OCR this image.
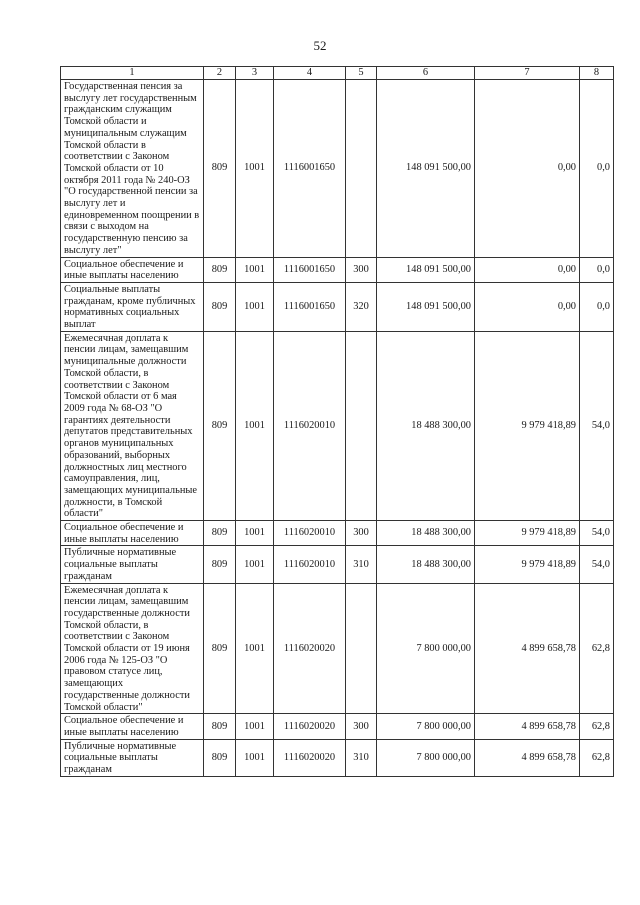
52
1	2	3	4	5	6	7	8
Государственная пенсия за выслугу лет государственным гражданским служащим Томской области и муниципальным служащим Томской области в соответствии с Законом Томской области от 10 октября 2011 года № 240-ОЗ "О государственной пенсии за выслугу лет и единовременном поощрении в связи с выходом на государственную пенсию за выслугу лет"	809	1001	1116001650		148 091 500,00	0,00	0,0
Социальное обеспечение и иные выплаты населению	809	1001	1116001650	300	148 091 500,00	0,00	0,0
Социальные выплаты гражданам, кроме публичных нормативных социальных выплат	809	1001	1116001650	320	148 091 500,00	0,00	0,0
Ежемесячная доплата к пенсии лицам, замещавшим муниципальные должности Томской области, в соответствии с Законом Томской области от 6 мая 2009 года № 68-ОЗ "О гарантиях деятельности депутатов представительных органов муниципальных образований, выборных должностных лиц местного самоуправления, лиц, замещающих муниципальные должности, в Томской области"	809	1001	1116020010		18 488 300,00	9 979 418,89	54,0
Социальное обеспечение и иные выплаты населению	809	1001	1116020010	300	18 488 300,00	9 979 418,89	54,0
Публичные нормативные социальные выплаты гражданам	809	1001	1116020010	310	18 488 300,00	9 979 418,89	54,0
Ежемесячная доплата к пенсии лицам, замещавшим государственные должности Томской области, в соответствии с Законом Томской области от 19 июня 2006 года № 125-ОЗ "О правовом статусе лиц, замещающих государственные должности Томской области"	809	1001	1116020020		7 800 000,00	4 899 658,78	62,8
Социальное обеспечение и иные выплаты населению	809	1001	1116020020	300	7 800 000,00	4 899 658,78	62,8
Публичные нормативные социальные выплаты гражданам	809	1001	1116020020	310	7 800 000,00	4 899 658,78	62,8
